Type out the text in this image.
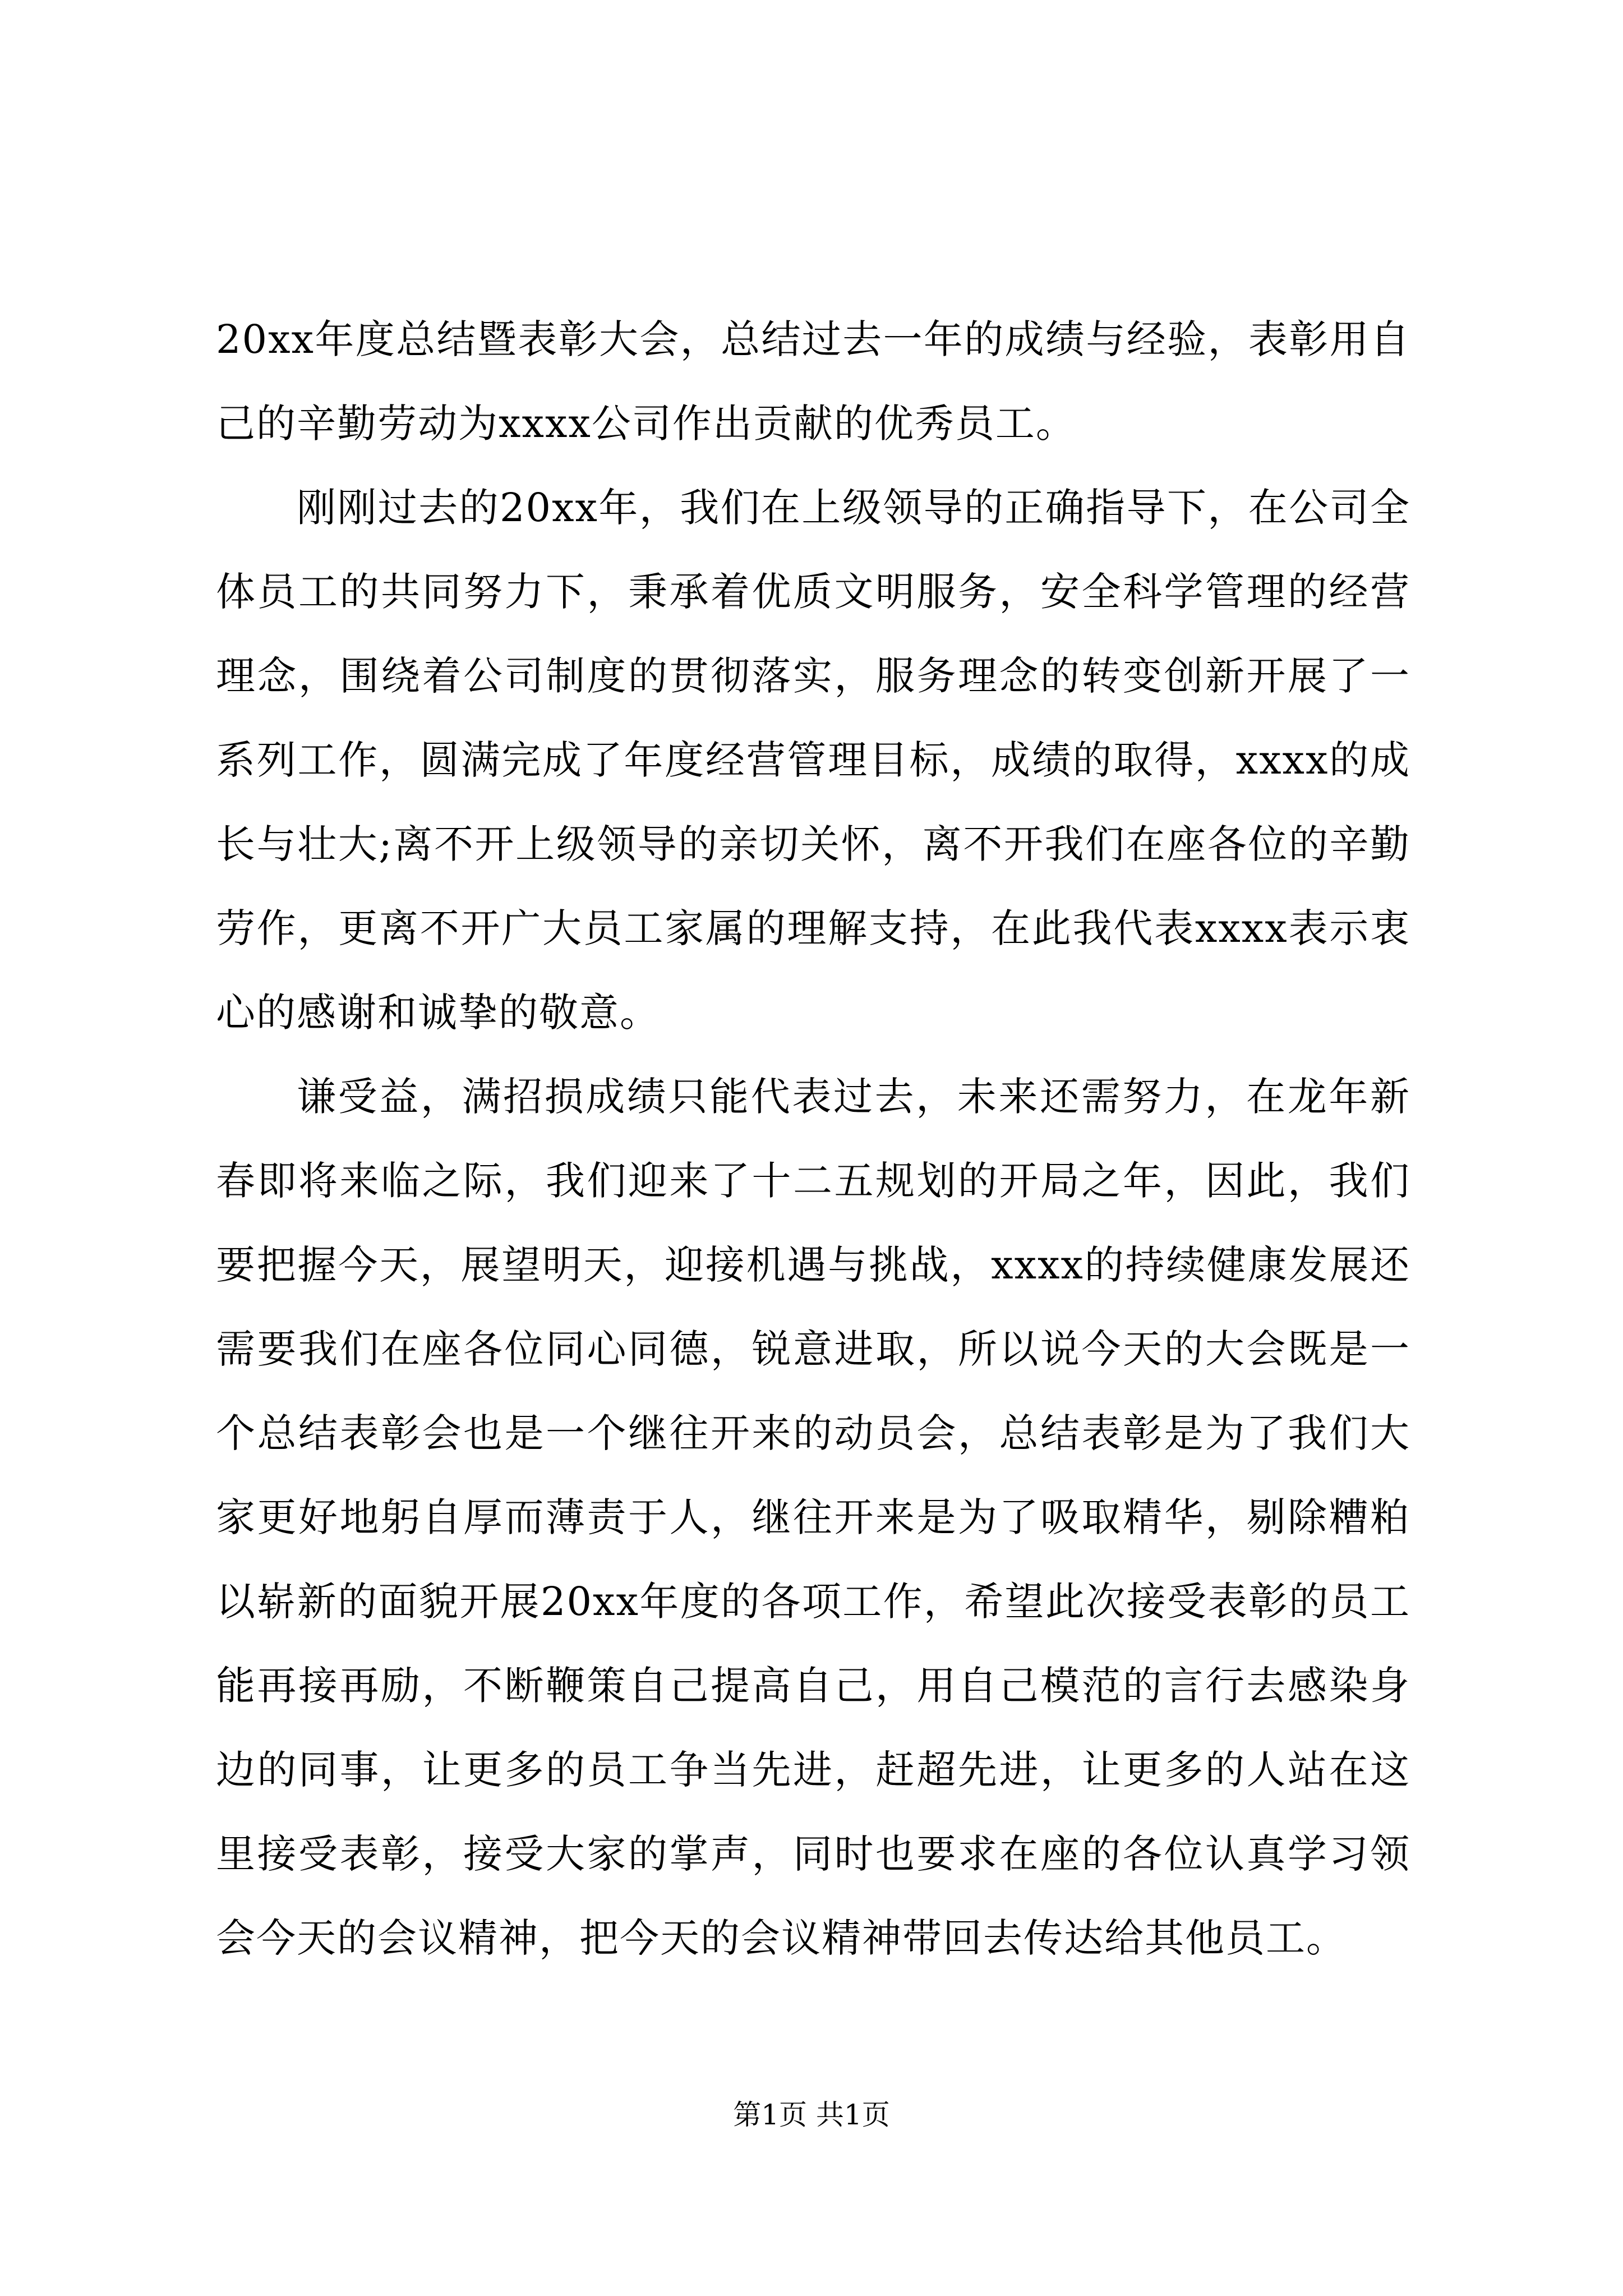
20xx年度总结暨表彰大会，总结过去一年的成绩与经验，表彰用自己的辛勤劳动为xxxx公司作出贡献的优秀员工。

刚刚过去的20xx年，我们在上级领导的正确指导下，在公司全体员工的共同努力下，秉承着优质文明服务，安全科学管理的经营理念，围绕着公司制度的贯彻落实，服务理念的转变创新开展了一系列工作，圆满完成了年度经营管理目标，成绩的取得，xxxx的成长与壮大;离不开上级领导的亲切关怀，离不开我们在座各位的辛勤劳作，更离不开广大员工家属的理解支持，在此我代表xxxx表示衷心的感谢和诚挚的敬意。

谦受益，满招损成绩只能代表过去，未来还需努力，在龙年新春即将来临之际，我们迎来了十二五规划的开局之年，因此，我们要把握今天，展望明天，迎接机遇与挑战，xxxx的持续健康发展还需要我们在座各位同心同德，锐意进取，所以说今天的大会既是一个总结表彰会也是一个继往开来的动员会，总结表彰是为了我们大家更好地躬自厚而薄责于人，继往开来是为了吸取精华，剔除糟粕以崭新的面貌开展20xx年度的各项工作，希望此次接受表彰的员工能再接再励，不断鞭策自己提高自己，用自己模范的言行去感染身边的同事，让更多的员工争当先进，赶超先进，让更多的人站在这里接受表彰，接受大家的掌声，同时也要求在座的各位认真学习领会今天的会议精神，把今天的会议精神带回去传达给其他员工。

第1页 共1页
